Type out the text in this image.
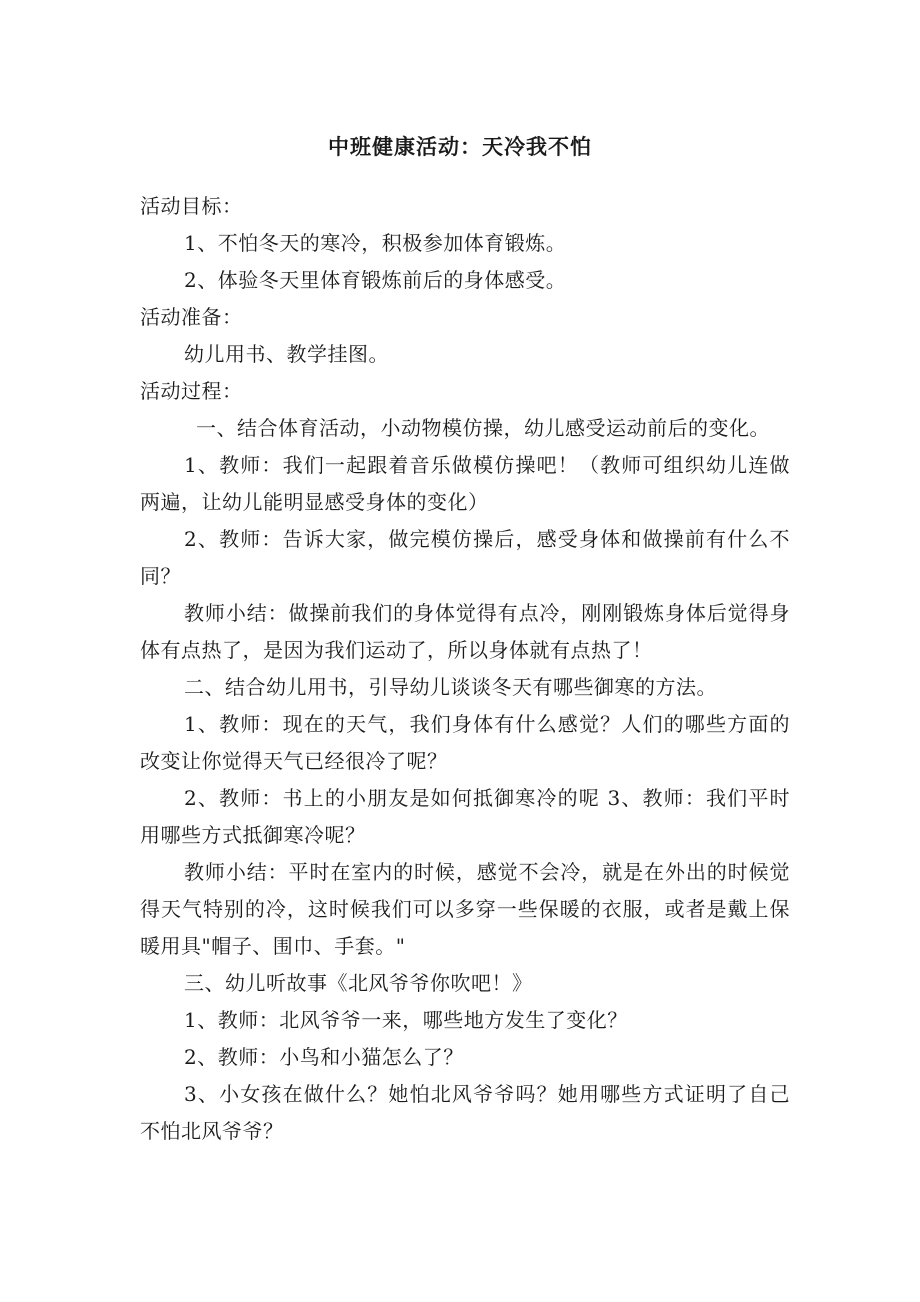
中班健康活动：天冷我不怕

活动目标：

1、不怕冬天的寒冷，积极参加体育锻炼。

2、体验冬天里体育锻炼前后的身体感受。

活动准备：

幼儿用书、教学挂图。

活动过程：

一、结合体育活动，小动物模仿操，幼儿感受运动前后的变化。

1、教师：我们一起跟着音乐做模仿操吧！（教师可组织幼儿连做两遍，让幼儿能明显感受身体的变化）

2、教师：告诉大家，做完模仿操后，感受身体和做操前有什么不同？

教师小结：做操前我们的身体觉得有点冷，刚刚锻炼身体后觉得身体有点热了，是因为我们运动了，所以身体就有点热了！

二、结合幼儿用书，引导幼儿谈谈冬天有哪些御寒的方法。

1、教师：现在的天气，我们身体有什么感觉？人们的哪些方面的改变让你觉得天气已经很冷了呢？

2、教师：书上的小朋友是如何抵御寒冷的呢 3、教师：我们平时用哪些方式抵御寒冷呢？

教师小结：平时在室内的时候，感觉不会冷，就是在外出的时候觉得天气特别的冷，这时候我们可以多穿一些保暖的衣服，或者是戴上保暖用具"帽子、围巾、手套。"

三、幼儿听故事《北风爷爷你吹吧！》

1、教师：北风爷爷一来，哪些地方发生了变化？

2、教师：小鸟和小猫怎么了？

3、小女孩在做什么？她怕北风爷爷吗？她用哪些方式证明了自己不怕北风爷爷？
